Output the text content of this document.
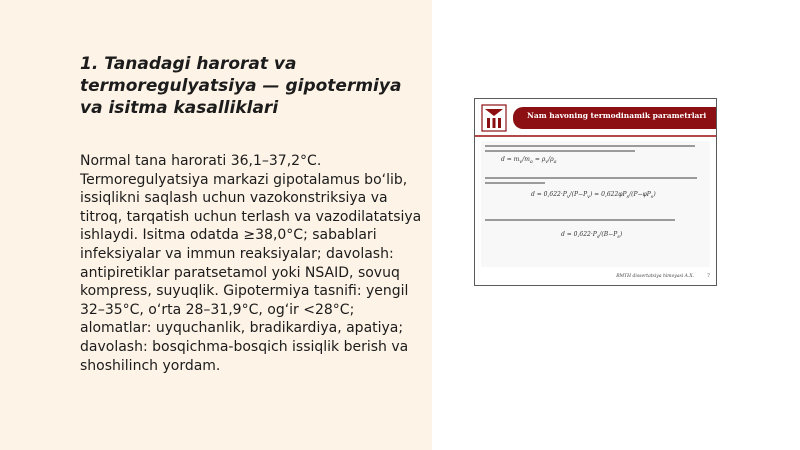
1. Tanadagi harorat va termoregulyatsiya — gipotermiya va isitma kasalliklari

Normal tana harorati 36,1–37,2°C. Termoregulyatsiya markazi gipotalamus bo‘lib, issiqlikni saqlash uchun vazokonstriksiya va titroq, tarqatish uchun terlash va vazodilatatsiya ishlaydi. Isitma odatda ≥38,0°C; sabablari infeksiyalar va immun reaksiyalar; davolash: antipiretiklar paratsetamol yoki NSAID, sovuq kompress, suyuqlik. Gipotermiya tasnifi: yengil 32–35°C, o‘rta 28–31,9°C, og‘ir <28°C; alomatlar: uyquchanlik, bradikardiya, apatiya; davolash: bosqichma-bosqich issiqlik berish va shoshilinch yordam.

Nam havoning termodinamik parametrlari
$d = m_v/m_a = \rho_v/\rho_a$
$d = 0,622\cdot P_v/(P-P_v) = 0,622\varphi P_s/(P-\varphi P_s)$
$d = 0,622\cdot P_s/(B-P_s)$
BMTH dissertatsiya himoyasi A.X.	7
